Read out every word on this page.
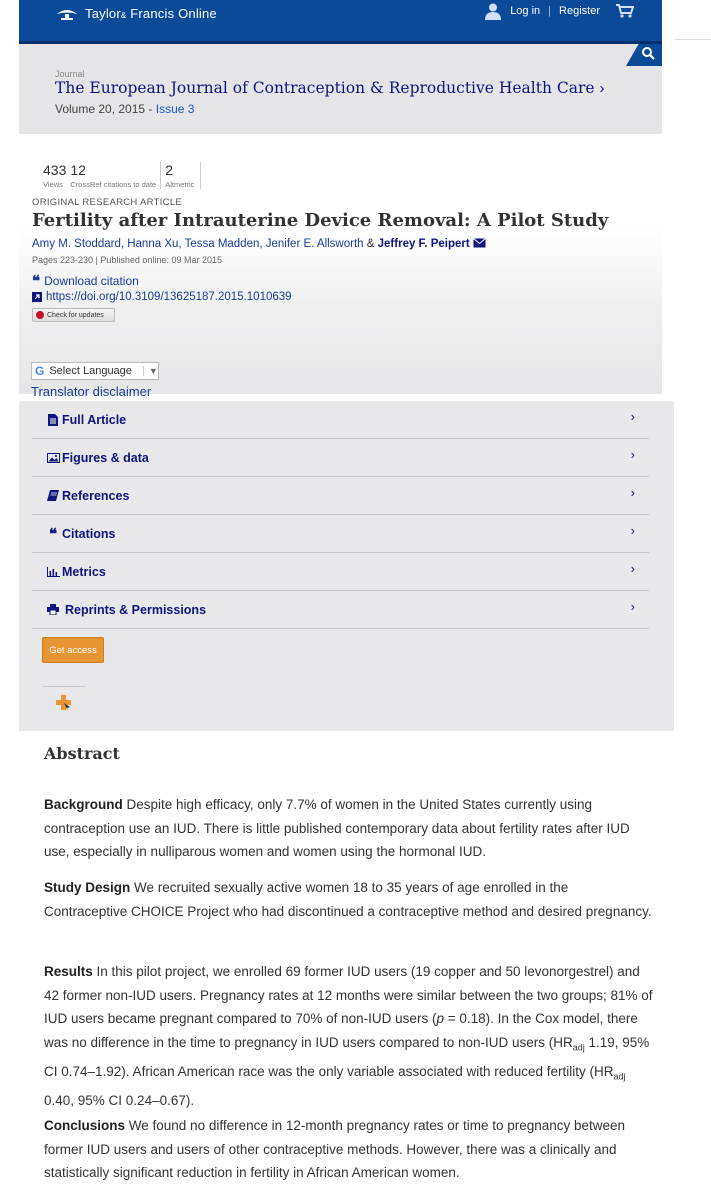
Taylor& Francis Online	Log in | Register
Journal
The European Journal of Contraception & Reproductive Health Care ›
Volume 20, 2015 - Issue 3
433
Views
12
CrossRef citations to date
2
Altmetric
ORIGINAL RESEARCH ARTICLE
Fertility after Intrauterine Device Removal: A Pilot Study
Amy M. Stoddard, Hanna Xu, Tessa Madden, Jenifer E. Allsworth & Jeffrey F. Peipert
Pages 223-230 | Published online: 09 Mar 2015
❝ Download citation
https://doi.org/10.3109/13625187.2015.1010639
Check for updates
G Select Language	▼
Translator disclaimer
Full Article	›
Figures & data	›
References	›
❝ Citations	›
Metrics	›
Reprints & Permissions	›
Get access
Abstract
Background Despite high efficacy, only 7.7% of women in the United States currently using contraception use an IUD. There is little published contemporary data about fertility rates after IUD use, especially in nulliparous women and women using the hormonal IUD.
Study Design We recruited sexually active women 18 to 35 years of age enrolled in the Contraceptive CHOICE Project who had discontinued a contraceptive method and desired pregnancy.
Results In this pilot project, we enrolled 69 former IUD users (19 copper and 50 levonorgestrel) and 42 former non-IUD users. Pregnancy rates at 12 months were similar between the two groups; 81% of IUD users became pregnant compared to 70% of non-IUD users (p = 0.18). In the Cox model, there was no difference in the time to pregnancy in IUD users compared to non-IUD users ($HR_{adj}$ 1.19, 95% CI 0.74–1.92). African American race was the only variable associated with reduced fertility ($HR_{adj}$ 0.40, 95% CI 0.24–0.67).
Conclusions We found no difference in 12-month pregnancy rates or time to pregnancy between former IUD users and users of other contraceptive methods. However, there was a clinically and statistically significant reduction in fertility in African American women.
